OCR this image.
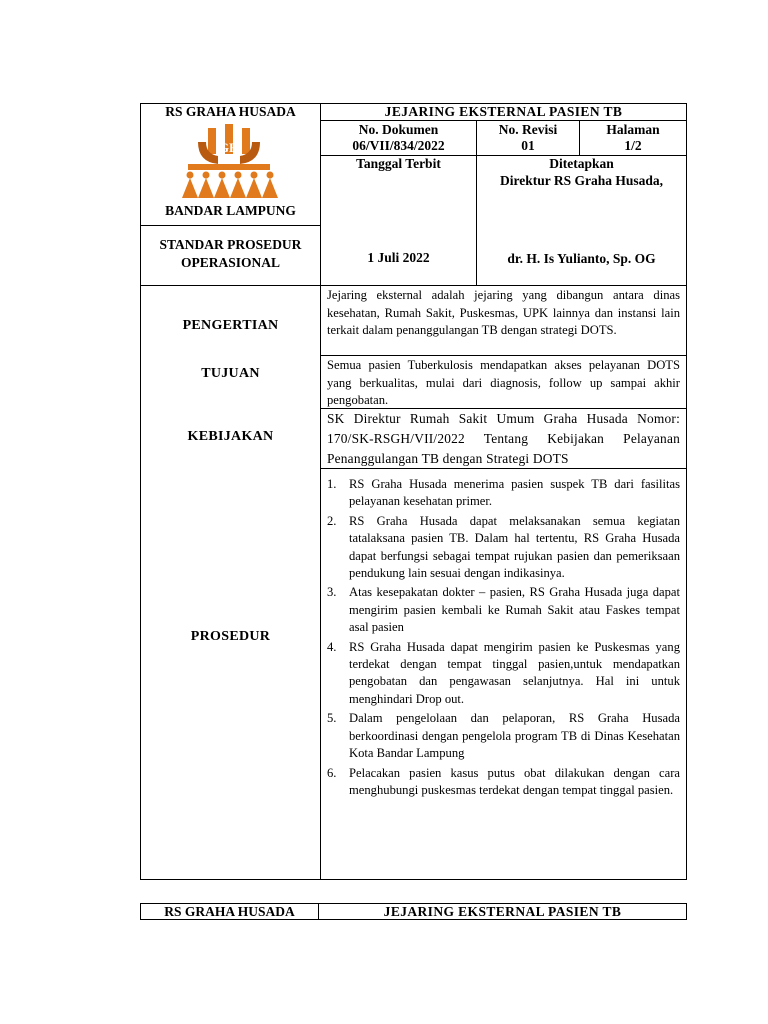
RS GRAHA HUSADA
GH
BANDAR LAMPUNG
STANDAR PROSEDUR
OPERASIONAL
JEJARING EKSTERNAL PASIEN TB
No. Dokumen
06/VII/834/2022
No. Revisi
01
Halaman
1/2
Tanggal Terbit
1 Juli 2022
Ditetapkan
Direktur RS Graha Husada,
dr. H. Is Yulianto, Sp. OG
PENGERTIAN
Jejaring eksternal adalah jejaring yang dibangun antara dinas kesehatan, Rumah Sakit, Puskesmas, UPK lainnya dan instansi lain terkait dalam penanggulangan TB dengan strategi DOTS.
TUJUAN
Semua pasien Tuberkulosis mendapatkan akses pelayanan DOTS yang berkualitas, mulai dari diagnosis, follow up sampai akhir pengobatan.
KEBIJAKAN
SK Direktur Rumah Sakit Umum Graha Husada Nomor: 170/SK-RSGH/VII/2022 Tentang Kebijakan Pelayanan Penanggulangan TB dengan Strategi DOTS
PROSEDUR
1. RS Graha Husada menerima pasien suspek TB dari fasilitas pelayanan kesehatan primer.
2. RS Graha Husada dapat melaksanakan semua kegiatan tatalaksana pasien TB. Dalam hal tertentu, RS Graha Husada dapat berfungsi sebagai tempat rujukan pasien dan pemeriksaan pendukung lain sesuai dengan indikasinya.
3. Atas kesepakatan dokter – pasien, RS Graha Husada juga dapat mengirim pasien kembali ke Rumah Sakit atau Faskes tempat asal pasien
4. RS Graha Husada dapat mengirim pasien ke Puskesmas yang terdekat dengan tempat tinggal pasien,untuk mendapatkan pengobatan dan pengawasan selanjutnya. Hal ini untuk menghindari Drop out.
5. Dalam pengelolaan dan pelaporan, RS Graha Husada berkoordinasi dengan pengelola program TB di Dinas Kesehatan Kota Bandar Lampung
6. Pelacakan pasien kasus putus obat dilakukan dengan cara menghubungi puskesmas terdekat dengan tempat tinggal pasien.
RS GRAHA HUSADA	JEJARING EKSTERNAL PASIEN TB
